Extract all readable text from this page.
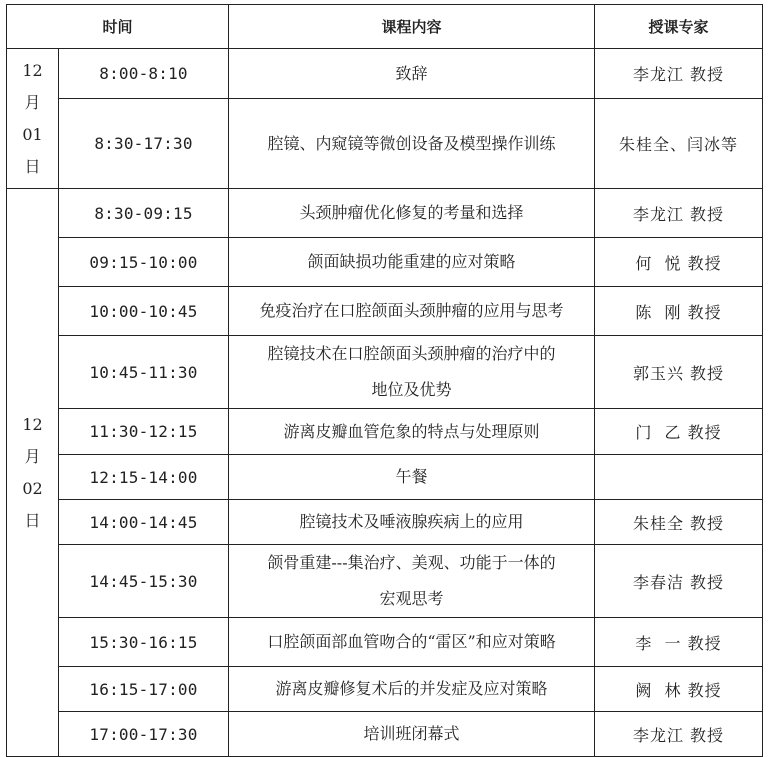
时间		课程内容	授课专家

12
月
01
日	8:00-8:10	致辞	李龙江 教授
	8:30-17:30	腔镜、内窥镜等微创设备及模型操作训练	朱桂全、闫冰等

12
月
02
日	8:30-09:15	头颈肿瘤优化修复的考量和选择	李龙江 教授
	09:15-10:00	颌面缺损功能重建的应对策略	何  悦 教授
	10:00-10:45	免疫治疗在口腔颌面头颈肿瘤的应用与思考	陈  刚 教授
	10:45-11:30	腔镜技术在口腔颌面头颈肿瘤的治疗中的
地位及优势	郭玉兴 教授
	11:30-12:15	游离皮瓣血管危象的特点与处理原则	门  乙 教授
	12:15-14:00	午餐	
	14:00-14:45	腔镜技术及唾液腺疾病上的应用	朱桂全 教授
	14:45-15:30	颌骨重建---集治疗、美观、功能于一体的
宏观思考	李春洁 教授
	15:30-16:15	口腔颌面部血管吻合的“雷区”和应对策略	李  一 教授
	16:15-17:00	游离皮瓣修复术后的并发症及应对策略	阙  林 教授
	17:00-17:30	培训班闭幕式	李龙江 教授
